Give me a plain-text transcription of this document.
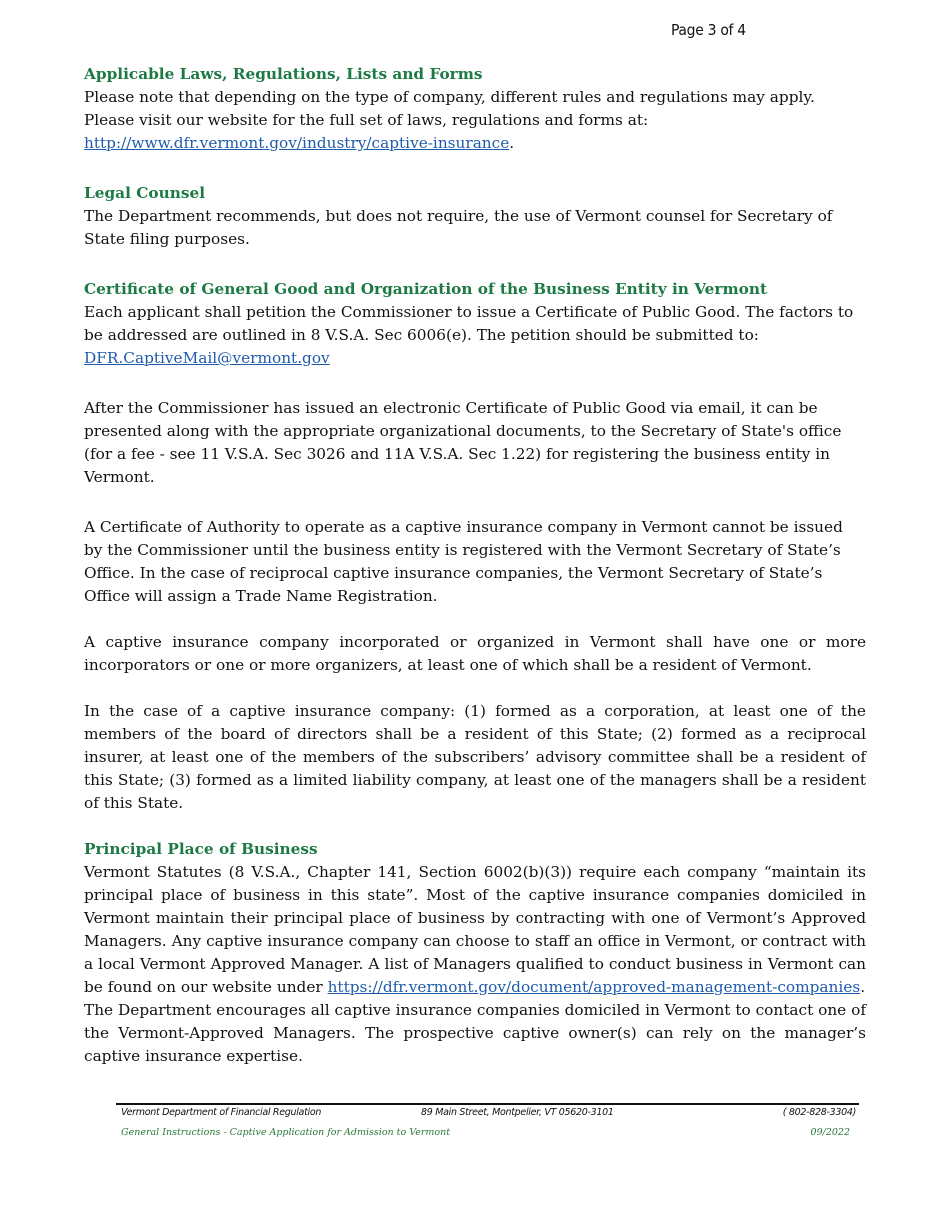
Page 3 of 4
Applicable Laws, Regulations, Lists and Forms

Please note that depending on the type of company, different rules and regulations may apply. Please visit our website for the full set of laws, regulations and forms at: http://www.dfr.vermont.gov/industry/captive-insurance.

Legal Counsel

The Department recommends, but does not require, the use of Vermont counsel for Secretary of State filing purposes.

Certificate of General Good and Organization of the Business Entity in Vermont

Each applicant shall petition the Commissioner to issue a Certificate of Public Good. The factors to be addressed are outlined in 8 V.S.A. Sec 6006(e). The petition should be submitted to:
DFR.CaptiveMail@vermont.gov

After the Commissioner has issued an electronic Certificate of Public Good via email, it can be presented along with the appropriate organizational documents, to the Secretary of State's office (for a fee - see 11 V.S.A. Sec 3026 and 11A V.S.A. Sec 1.22) for registering the business entity in Vermont.

A Certificate of Authority to operate as a captive insurance company in Vermont cannot be issued by the Commissioner until the business entity is registered with the Vermont Secretary of State’s Office. In the case of reciprocal captive insurance companies, the Vermont Secretary of State’s Office will assign a Trade Name Registration.

A captive insurance company incorporated or organized in Vermont shall have one or more incorporators or one or more organizers, at least one of which shall be a resident of Vermont.

In the case of a captive insurance company: (1) formed as a corporation, at least one of the members of the board of directors shall be a resident of this State; (2) formed as a reciprocal insurer, at least one of the members of the subscribers’ advisory committee shall be a resident of this State; (3) formed as a limited liability company, at least one of the managers shall be a resident of this State.

Principal Place of Business

Vermont Statutes (8 V.S.A., Chapter 141, Section 6002(b)(3)) require each company “maintain its principal place of business in this state”. Most of the captive insurance companies domiciled in Vermont maintain their principal place of business by contracting with one of Vermont’s Approved Managers. Any captive insurance company can choose to staff an office in Vermont, or contract with a local Vermont Approved Manager. A list of Managers qualified to conduct business in Vermont can be found on our website under https://dfr.vermont.gov/document/approved-management-companies.

The Department encourages all captive insurance companies domiciled in Vermont to contact one of the Vermont-Approved Managers. The prospective captive owner(s) can rely on the manager’s captive insurance expertise.

Vermont Department of Financial Regulation	89 Main Street, Montpelier, VT 05620-3101	( 802-828-3304)
General Instructions - Captive Application for Admission to Vermont	09/2022
